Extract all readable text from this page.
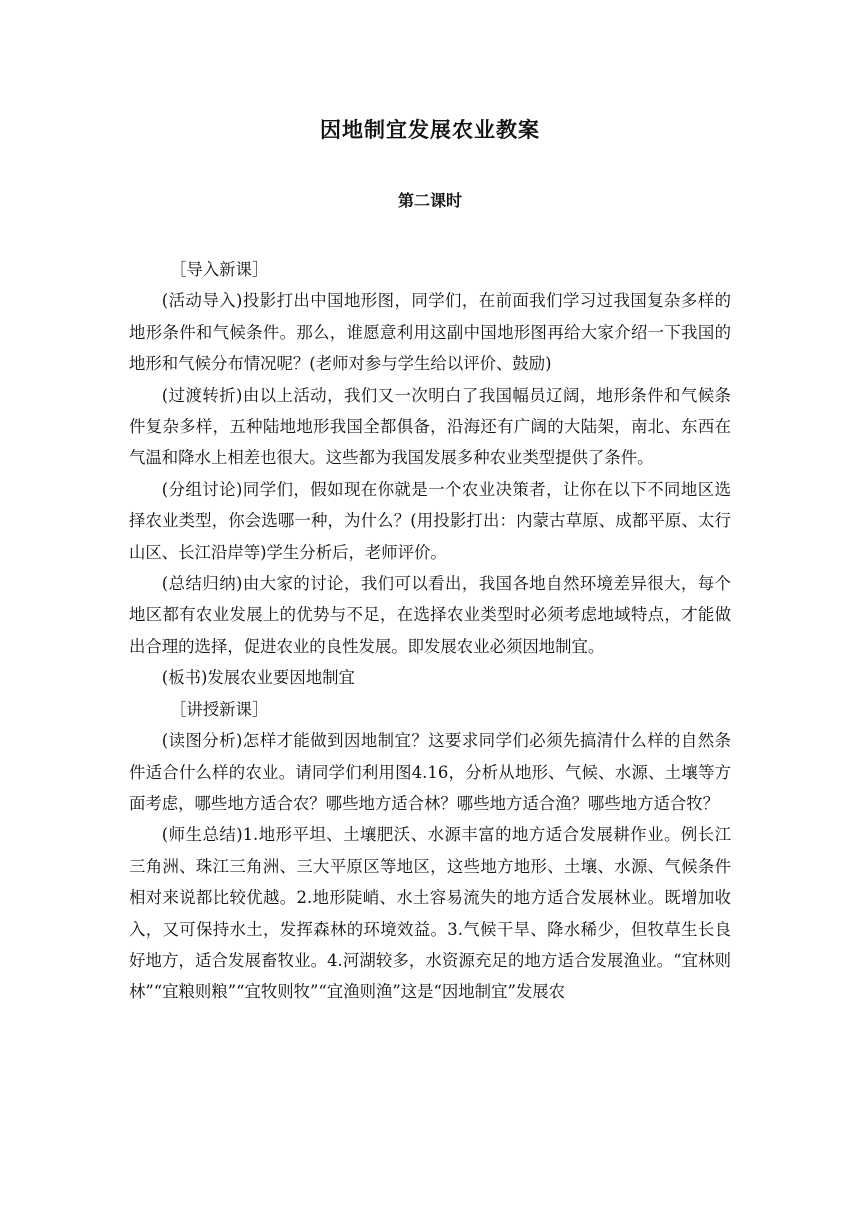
因地制宜发展农业教案
第二课时

［导入新课］

(活动导入)投影打出中国地形图，同学们，在前面我们学习过我国复杂多样的地形条件和气候条件。那么，谁愿意利用这副中国地形图再给大家介绍一下我国的地形和气候分布情况呢？(老师对参与学生给以评价、鼓励)

(过渡转折)由以上活动，我们又一次明白了我国幅员辽阔，地形条件和气候条件复杂多样，五种陆地地形我国全都俱备，沿海还有广阔的大陆架，南北、东西在气温和降水上相差也很大。这些都为我国发展多种农业类型提供了条件。

(分组讨论)同学们，假如现在你就是一个农业决策者，让你在以下不同地区选择农业类型，你会选哪一种，为什么？(用投影打出：内蒙古草原、成都平原、太行山区、长江沿岸等)学生分析后，老师评价。

(总结归纳)由大家的讨论，我们可以看出，我国各地自然环境差异很大，每个地区都有农业发展上的优势与不足，在选择农业类型时必须考虑地域特点，才能做出合理的选择，促进农业的良性发展。即发展农业必须因地制宜。

(板书)发展农业要因地制宜

［讲授新课］

(读图分析)怎样才能做到因地制宜？这要求同学们必须先搞清什么样的自然条件适合什么样的农业。请同学们利用图4.16，分析从地形、气候、水源、土壤等方面考虑，哪些地方适合农？哪些地方适合林？哪些地方适合渔？哪些地方适合牧？

(师生总结)1.地形平坦、土壤肥沃、水源丰富的地方适合发展耕作业。例长江三角洲、珠江三角洲、三大平原区等地区，这些地方地形、土壤、水源、气候条件相对来说都比较优越。2.地形陡峭、水土容易流失的地方适合发展林业。既增加收入，又可保持水土，发挥森林的环境效益。3.气候干旱、降水稀少，但牧草生长良好地方，适合发展畜牧业。4.河湖较多，水资源充足的地方适合发展渔业。“宜林则林”“宜粮则粮”“宜牧则牧”“宜渔则渔”这是“因地制宜”发展农
